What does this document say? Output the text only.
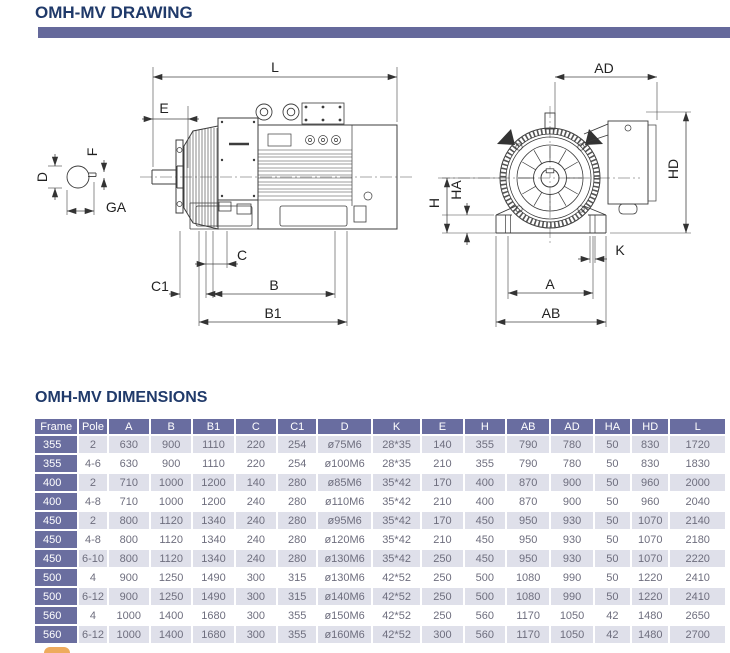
OMH-MV DRAWING
L
E
D
F
GA
C
C1	B
B1
AD
HD
H
HA
A
K
AB
OMH-MV DIMENSIONS
Frame	Pole	A	B	B1	C	C1	D	K	E	H	AB	AD	HA	HD	L
355	2	630	900	1110	220	254	ø75M6	28*35	140	355	790	780	50	830	1720
355	4-6	630	900	1110	220	254	ø100M6	28*35	210	355	790	780	50	830	1830
400	2	710	1000	1200	140	280	ø85M6	35*42	170	400	870	900	50	960	2000
400	4-8	710	1000	1200	240	280	ø110M6	35*42	210	400	870	900	50	960	2040
450	2	800	1120	1340	240	280	ø95M6	35*42	170	450	950	930	50	1070	2140
450	4-8	800	1120	1340	240	280	ø120M6	35*42	210	450	950	930	50	1070	2180
450	6-10	800	1120	1340	240	280	ø130M6	35*42	250	450	950	930	50	1070	2220
500	4	900	1250	1490	300	315	ø130M6	42*52	250	500	1080	990	50	1220	2410
500	6-12	900	1250	1490	300	315	ø140M6	42*52	250	500	1080	990	50	1220	2410
560	4	1000	1400	1680	300	355	ø150M6	42*52	250	560	1170	1050	42	1480	2650
560	6-12	1000	1400	1680	300	355	ø160M6	42*52	300	560	1170	1050	42	1480	2700
